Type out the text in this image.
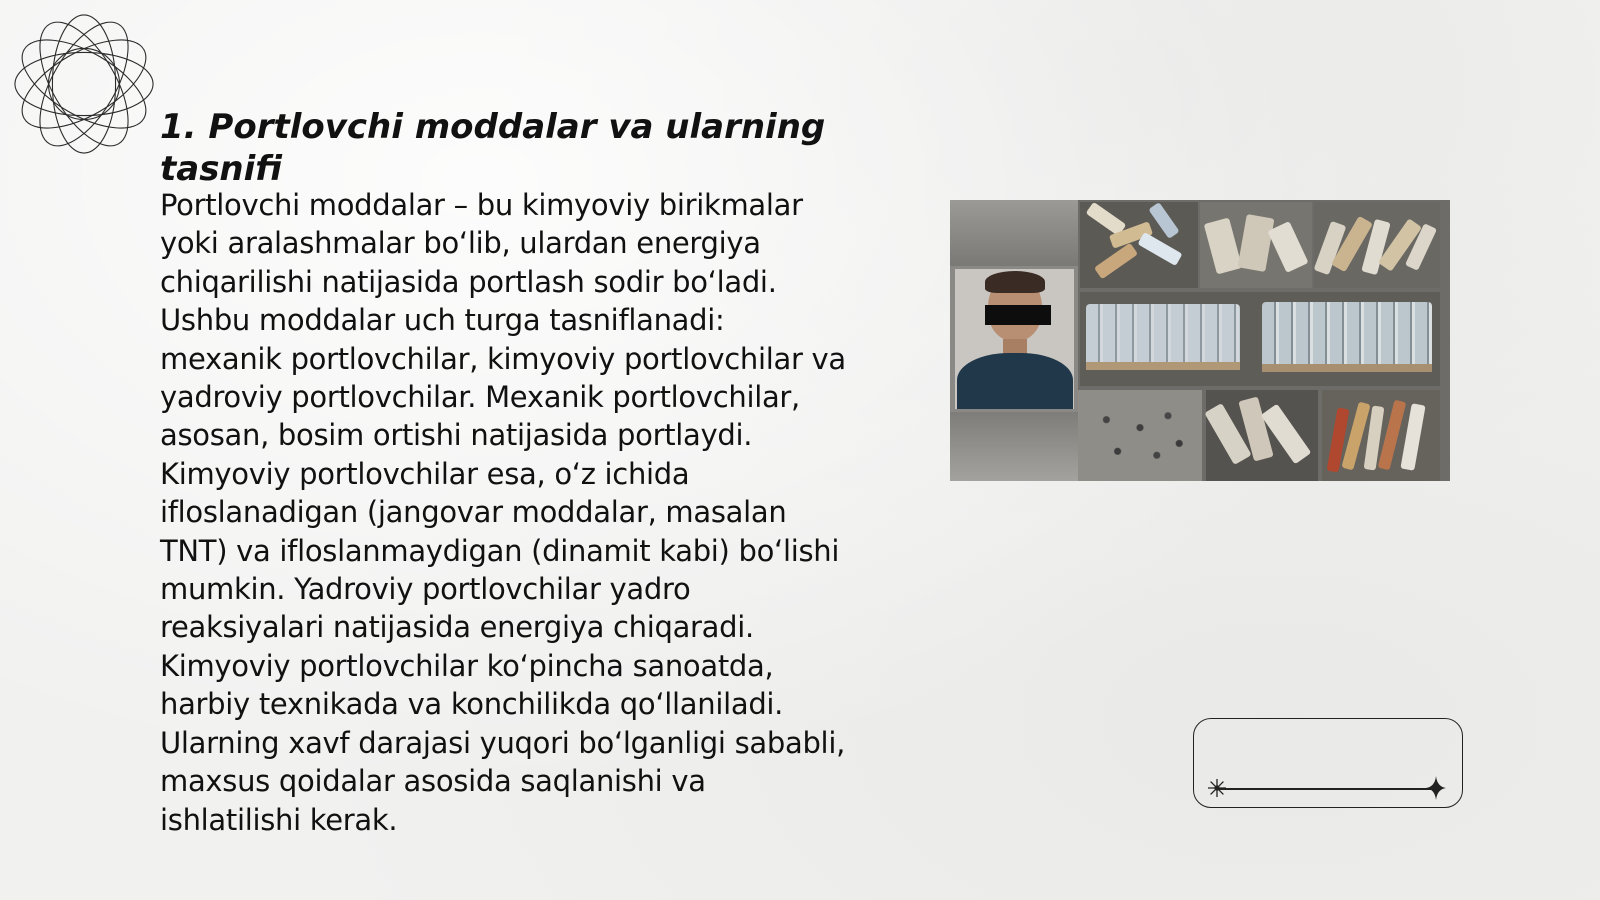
1. Portlovchi moddalar va ularning tasnifi

Portlovchi moddalar – bu kimyoviy birikmalar yoki aralashmalar boʻlib, ulardan energiya chiqarilishi natijasida portlash sodir boʻladi. Ushbu moddalar uch turga tasniflanadi: mexanik portlovchilar, kimyoviy portlovchilar va yadroviy portlovchilar. Mexanik portlovchilar, asosan, bosim ortishi natijasida portlaydi. Kimyoviy portlovchilar esa, oʻz ichida ifloslanadigan (jangovar moddalar, masalan TNT) va ifloslanmaydigan (dinamit kabi) boʻlishi mumkin. Yadroviy portlovchilar yadro reaksiyalari natijasida energiya chiqaradi. Kimyoviy portlovchilar koʻpincha sanoatda, harbiy texnikada va konchilikda qoʻllaniladi. Ularning xavf darajasi yuqori boʻlganligi sababli, maxsus qoidalar asosida saqlanishi va ishlatilishi kerak.
